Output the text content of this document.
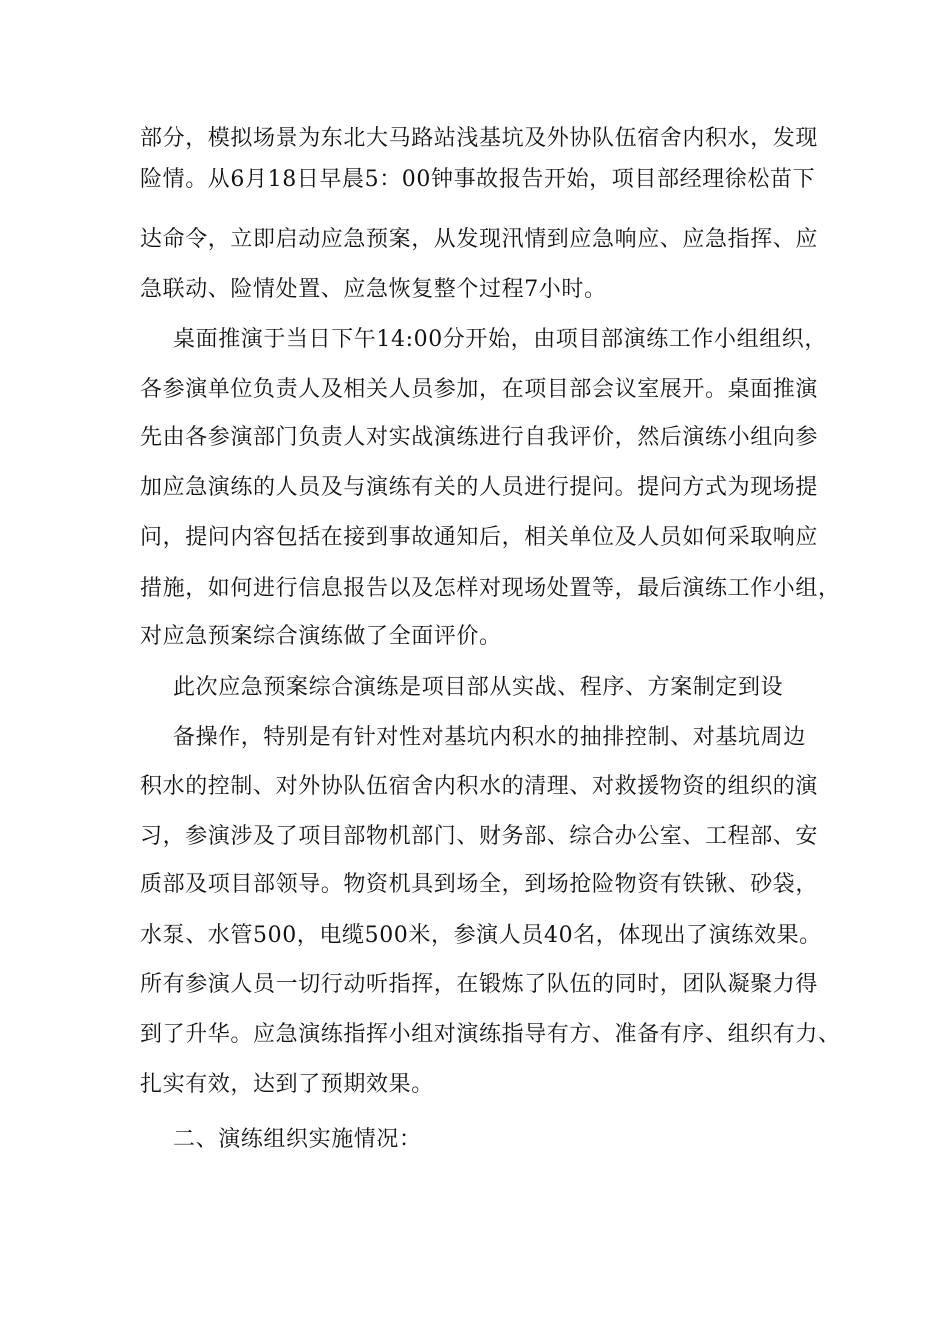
部分，模拟场景为东北大马路站浅基坑及外协队伍宿舍内积水，发现
险情。从6月18日早晨5：00钟事故报告开始，项目部经理徐松苗下
达命令，立即启动应急预案，从发现汛情到应急响应、应急指挥、应
急联动、险情处置、应急恢复整个过程7小时。
桌面推演于当日下午14:00分开始，由项目部演练工作小组组织，
各参演单位负责人及相关人员参加，在项目部会议室展开。桌面推演
先由各参演部门负责人对实战演练进行自我评价，然后演练小组向参
加应急演练的人员及与演练有关的人员进行提问。提问方式为现场提
问，提问内容包括在接到事故通知后，相关单位及人员如何采取响应
措施，如何进行信息报告以及怎样对现场处置等，最后演练工作小组，
对应急预案综合演练做了全面评价。
此次应急预案综合演练是项目部从实战、程序、方案制定到设
备操作，特别是有针对性对基坑内积水的抽排控制、对基坑周边
积水的控制、对外协队伍宿舍内积水的清理、对救援物资的组织的演
习，参演涉及了项目部物机部门、财务部、综合办公室、工程部、安
质部及项目部领导。物资机具到场全，到场抢险物资有铁锹、砂袋，
水泵、水管500，电缆500米，参演人员40名，体现出了演练效果。
所有参演人员一切行动听指挥，在锻炼了队伍的同时，团队凝聚力得
到了升华。应急演练指挥小组对演练指导有方、准备有序、组织有力、
扎实有效，达到了预期效果。
二、演练组织实施情况：
